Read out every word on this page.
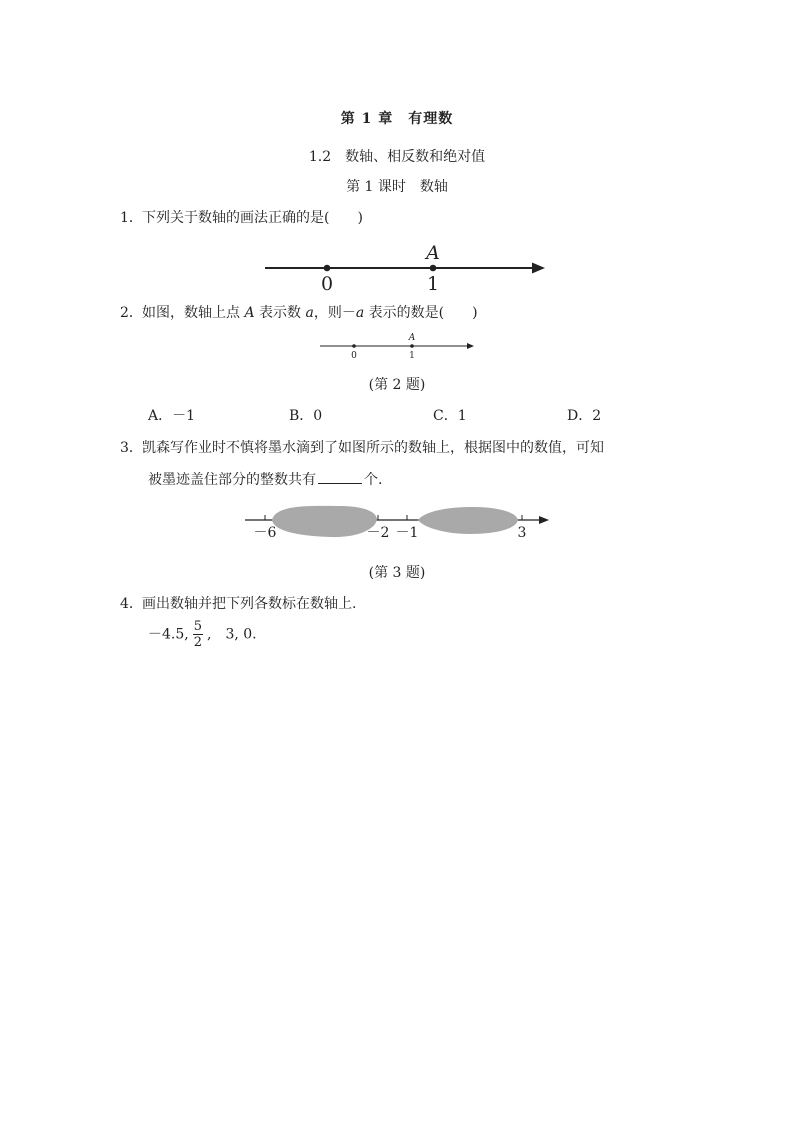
第 1 章　有理数
1.2　数轴、相反数和绝对值
第 1 课时　数轴
1．下列关于数轴的画法正确的是(　　)
A
0	1
2．如图，数轴上点 A 表示数 a，则－a 表示的数是(　　)
A
0	1
(第 2 题)
A．－1	B．0	C．1	D．2
3．凯森写作业时不慎将墨水滴到了如图所示的数轴上，根据图中的数值，可知
被墨迹盖住部分的整数共有	个.
－6	－2 －1	3
(第 3 题)
4．画出数轴并把下列各数标在数轴上.
－4.5, $\frac{5}{2}$ ,　3, 0.
